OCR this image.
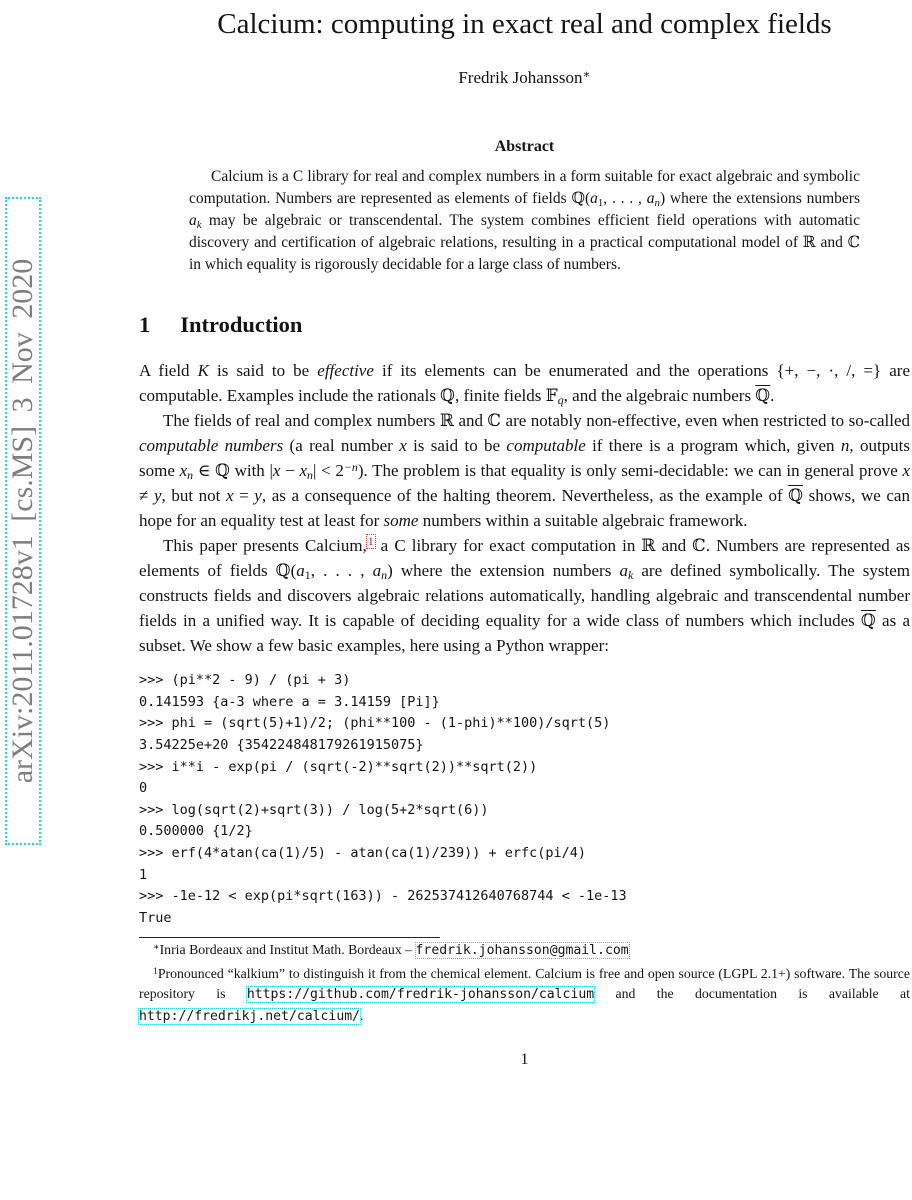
arXiv:2011.01728v1 [cs.MS] 3 Nov 2020
Calcium: computing in exact real and complex fields
Fredrik Johansson∗
Abstract

Calcium is a C library for real and complex numbers in a form suitable for exact algebraic and symbolic computation. Numbers are represented as elements of fields ℚ(a1, . . . , an) where the extensions numbers ak may be algebraic or transcendental. The system combines efficient field operations with automatic discovery and certification of algebraic relations, resulting in a practical computational model of ℝ and ℂ in which equality is rigorously decidable for a large class of numbers.

1 Introduction

A field K is said to be effective if its elements can be enumerated and the operations {+, −, ·, /, =} are computable. Examples include the rationals ℚ, finite fields 𝔽q, and the algebraic numbers ℚ.

The fields of real and complex numbers ℝ and ℂ are notably non-effective, even when restricted to so-called computable numbers (a real number x is said to be computable if there is a program which, given n, outputs some xn ∈ ℚ with $|x - xn| < 2^{-n}$). The problem is that equality is only semi-decidable: we can in general prove x ≠ y, but not x = y, as a consequence of the halting theorem. Nevertheless, as the example of ℚ shows, we can hope for an equality test at least for some numbers within a suitable algebraic framework.

This paper presents Calcium,$^1$ a C library for exact computation in ℝ and ℂ. Numbers are represented as elements of fields ℚ(a1, . . . , an) where the extension numbers ak are defined symbolically. The system constructs fields and discovers algebraic relations automatically, handling algebraic and transcendental number fields in a unified way. It is capable of deciding equality for a wide class of numbers which includes ℚ as a subset. We show a few basic examples, here using a Python wrapper:

>>> (pi**2 - 9) / (pi + 3)
0.141593 {a-3 where a = 3.14159 [Pi]}
>>> phi = (sqrt(5)+1)/2; (phi**100 - (1-phi)**100)/sqrt(5)
3.54225e+20 {354224848179261915075}
>>> i**i - exp(pi / (sqrt(-2)**sqrt(2))**sqrt(2))
0
>>> log(sqrt(2)+sqrt(3)) / log(5+2*sqrt(6))
0.500000 {1/2}
>>> erf(4*atan(ca(1)/5) - atan(ca(1)/239)) + erfc(pi/4)
1
>>> -1e-12 < exp(pi*sqrt(163)) - 262537412640768744 < -1e-13
True

∗Inria Bordeaux and Institut Math. Bordeaux – fredrik.johansson@gmail.com

$^1$Pronounced “kalkium” to distinguish it from the chemical element. Calcium is free and open source (LGPL 2.1+) software. The source repository is https://github.com/fredrik-johansson/calcium and the documentation is available at http://fredrikj.net/calcium/.

1
